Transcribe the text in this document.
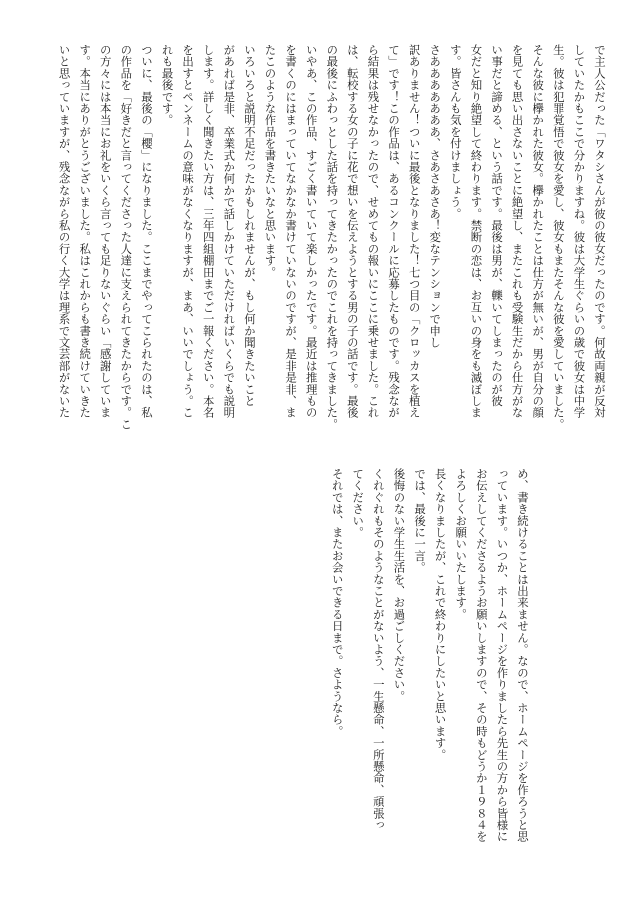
で主人公だった「ワタシさんが彼の彼女だったのです。何故両親が反対
していたかもここで分かりますね。彼は大学生ぐらいの歳で彼女は中学
生。彼は犯罪覚悟で彼女を愛し、彼女もまたそんな彼を愛していました。
そんな彼に欅かれた彼女。欅かれたことは仕方が無いが、男が自分の顔
を見ても思い出さないことに絶望し、またこれも受験生だから仕方がな
い事だと諦める、という話です。最後は男が、轢いてしまったのが彼
女だと知り絶望して終わります。禁断の恋は、お互いの身をも滅ぼしま
す。皆さんも気を付けましょう。
さあああああああ、さあさあさあ！変なテンションで申し
訳ありません！ついに最後となりました！七つ目の「クロッカスを植え
て」です！この作品は、あるコンクールに応募したものです。残念なが
ら結果は残せなかったので、せめてもの報いにここに乗せました。これ
は、転校する女の子に花で想いを伝えようとする男の子の話です。最後
の最後にふわっとした話を持ってきたかったのでこれを持ってきました。
いやあ、この作品、すごく書いていて楽しかったです。最近は推理もの
を書くのにはまっていてなかなか書けていないのですが、是非是非、ま
たこのような作品を書きたいなと思います。
いろいろと説明不足だったかもしれませんが、もし何か聞きたいこと
があれば是非、卒業式か何かで話しかけていただければいくらでも説明
します。詳しく聞きたい方は、三年四組棚田までご一報ください。本名
を出すとペンネームの意味がなくなりますが、まあ、いいでしょう。こ
れも最後です。
ついに、最後の「櫻」になりました。ここまでやってこられたのは、私
の作品を「好きだと言ってくださった人達に支えられてきたからです。こ
の方々には本当にお礼をいくら言っても足りないぐらい「感謝していま
す。本当にありがとうございました。私はこれからも書き続けていきた
いと思っていますが、残念ながら私の行く大学は理系で文芸部がないた
め、書き続けることは出来ません。なので、ホームページを作ろうと思
っています。いつか、ホームページを作りましたら先生の方から皆様に
お伝えしてくださるようお願いしますので、その時もどうか１９８４を
よろしくお願いいたします。
長くなりましたが、これで終わりにしたいと思います。
では、最後に一言。
後悔のない学生生活を、お過ごしください。
くれぐれもそのようなことがないよう、一生懸命、一所懸命、頑張っ
てください。
それでは、またお会いできる日まで。さようなら。
